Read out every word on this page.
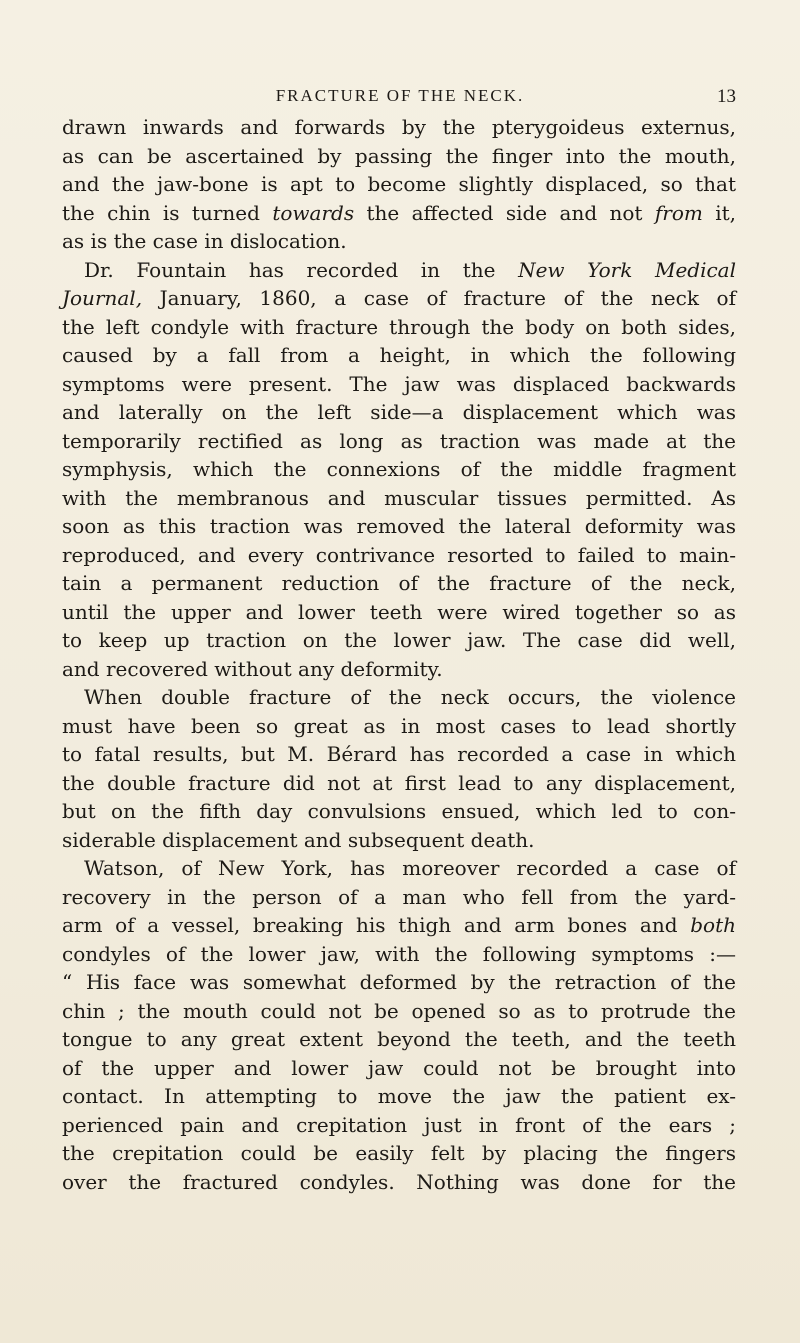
FRACTURE OF THE NECK.	13
drawn inwards and forwards by the pterygoideus externus,
as can be ascertained by passing the finger into the mouth,
and the jaw-bone is apt to become slightly displaced, so that
the chin is turned towards the affected side and not from it,
as is the case in dislocation.
Dr. Fountain has recorded in the New York Medical
Journal, January, 1860, a case of fracture of the neck of
the left condyle with fracture through the body on both sides,
caused by a fall from a height, in which the following
symptoms were present. The jaw was displaced backwards
and laterally on the left side—a displacement which was
temporarily rectified as long as traction was made at the
symphysis, which the connexions of the middle fragment
with the membranous and muscular tissues permitted. As
soon as this traction was removed the lateral deformity was
reproduced, and every contrivance resorted to failed to main-
tain a permanent reduction of the fracture of the neck,
until the upper and lower teeth were wired together so as
to keep up traction on the lower jaw. The case did well,
and recovered without any deformity.
When double fracture of the neck occurs, the violence
must have been so great as in most cases to lead shortly
to fatal results, but M. Bérard has recorded a case in which
the double fracture did not at first lead to any displacement,
but on the fifth day convulsions ensued, which led to con-
siderable displacement and subsequent death.
Watson, of New York, has moreover recorded a case of
recovery in the person of a man who fell from the yard-
arm of a vessel, breaking his thigh and arm bones and both
condyles of the lower jaw, with the following symptoms :—
“ His face was somewhat deformed by the retraction of the
chin ; the mouth could not be opened so as to protrude the
tongue to any great extent beyond the teeth, and the teeth
of the upper and lower jaw could not be brought into
contact. In attempting to move the jaw the patient ex-
perienced pain and crepitation just in front of the ears ;
the crepitation could be easily felt by placing the fingers
over the fractured condyles. Nothing was done for the
